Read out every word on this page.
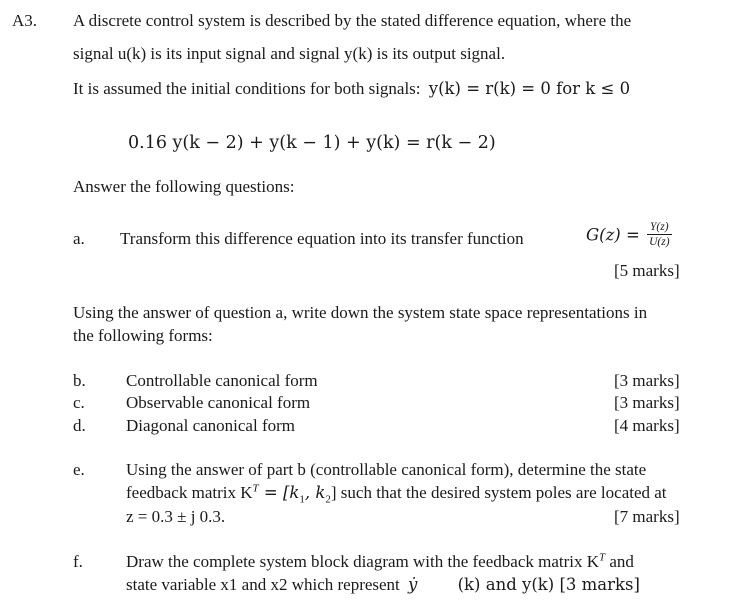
A3. A discrete control system is described by the stated difference equation, where the
signal u(k) is its input signal and signal y(k) is its output signal.
It is assumed the initial conditions for both signals: y(k) = r(k) = 0 for k ≤ 0
0.16 y(k − 2) + y(k − 1) + y(k) = r(k − 2)
Answer the following questions:
a. Transform this difference equation into its transfer function	$G(z) = \frac{Y(z)}{U(z)}$
[5 marks]
Using the answer of question a, write down the system state space representations in
the following forms:
b. Controllable canonical form	[3 marks]
c. Observable canonical form	[3 marks]
d. Diagonal canonical form	[4 marks]
e. Using the answer of part b (controllable canonical form), determine the state
feedback matrix $K^T = [k_1$, $k_2$] such that the desired system poles are located at
z = 0.3 ± j 0.3.	[7 marks]
f.	Draw the complete system block diagram with the feedback matrix $K^T$ and
state variable x1 and x2 which represent ẏ (k) and y(k) [3 marks]
